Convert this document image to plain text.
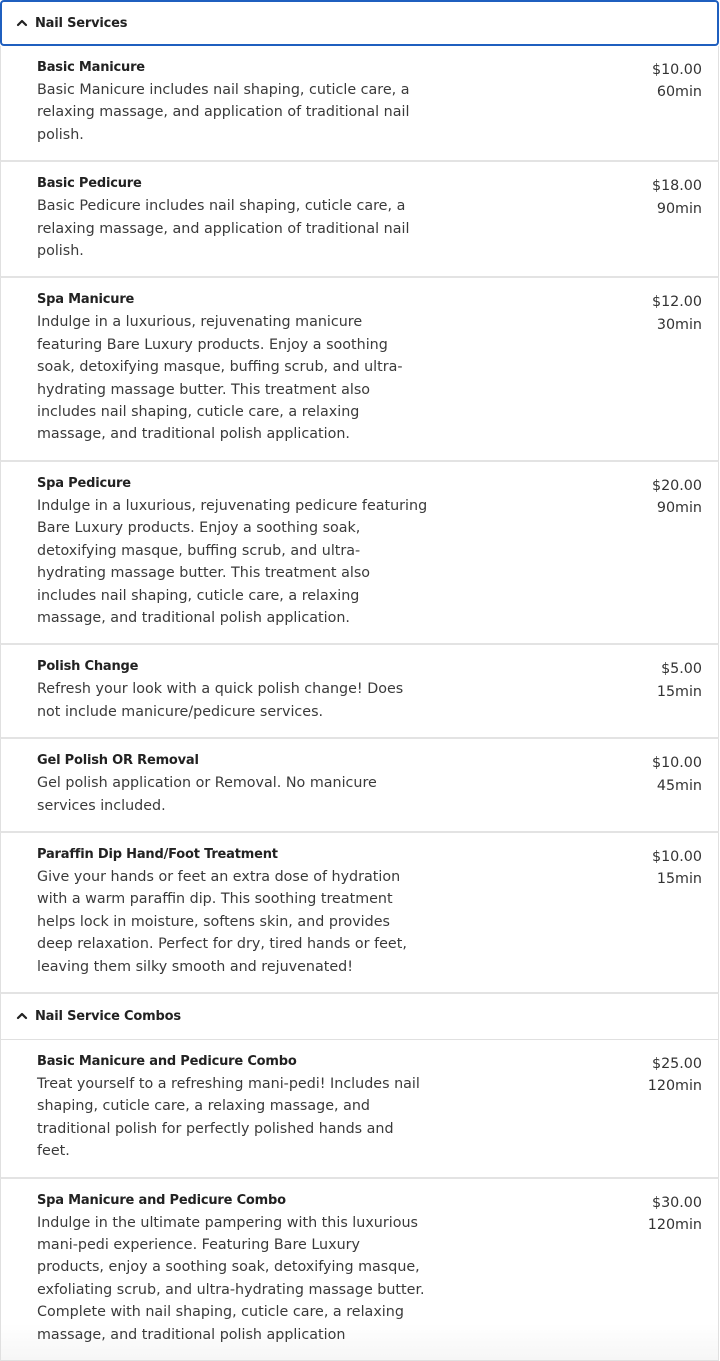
Nail Services
Basic Manicure
Basic Manicure includes nail shaping, cuticle care, a relaxing massage, and application of traditional nail polish.
$10.00
60min
Basic Pedicure
Basic Pedicure includes nail shaping, cuticle care, a relaxing massage, and application of traditional nail polish.
$18.00
90min
Spa Manicure
Indulge in a luxurious, rejuvenating manicure featuring Bare Luxury products. Enjoy a soothing soak, detoxifying masque, buffing scrub, and ultra-hydrating massage butter. This treatment also includes nail shaping, cuticle care, a relaxing massage, and traditional polish application.
$12.00
30min
Spa Pedicure
Indulge in a luxurious, rejuvenating pedicure featuring Bare Luxury products. Enjoy a soothing soak, detoxifying masque, buffing scrub, and ultra-hydrating massage butter. This treatment also includes nail shaping, cuticle care, a relaxing massage, and traditional polish application.
$20.00
90min
Polish Change
Refresh your look with a quick polish change! Does not include manicure/pedicure services.
$5.00
15min
Gel Polish OR Removal
Gel polish application or Removal. No manicure services included.
$10.00
45min
Paraffin Dip Hand/Foot Treatment
Give your hands or feet an extra dose of hydration with a warm paraffin dip. This soothing treatment helps lock in moisture, softens skin, and provides deep relaxation. Perfect for dry, tired hands or feet, leaving them silky smooth and rejuvenated!
$10.00
15min
Nail Service Combos
Basic Manicure and Pedicure Combo
Treat yourself to a refreshing mani-pedi! Includes nail shaping, cuticle care, a relaxing massage, and traditional polish for perfectly polished hands and feet.
$25.00
120min
Spa Manicure and Pedicure Combo
Indulge in the ultimate pampering with this luxurious mani-pedi experience. Featuring Bare Luxury products, enjoy a soothing soak, detoxifying masque, exfoliating scrub, and ultra-hydrating massage butter. Complete with nail shaping, cuticle care, a relaxing massage, and traditional polish application
$30.00
120min
